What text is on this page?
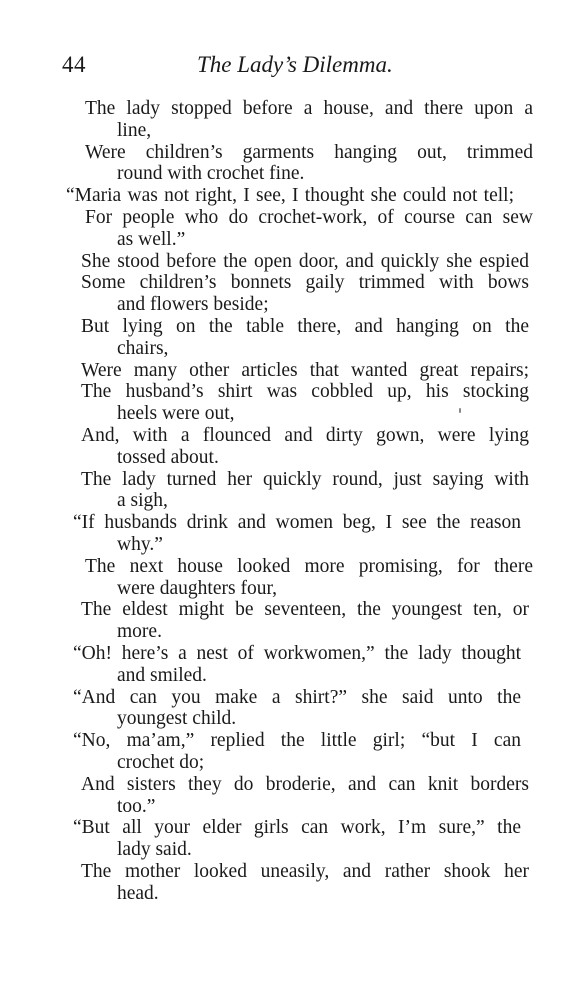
44	The Lady’s Dilemma.
The lady stopped before a house, and there upon a
line,
Were children’s garments hanging out, trimmed
round with crochet fine.
“Maria was not right, I see, I thought she could not tell;
For people who do crochet-work, of course can sew
as well.”
She stood before the open door, and quickly she espied
Some children’s bonnets gaily trimmed with bows
and flowers beside;
But lying on the table there, and hanging on the
chairs,
Were many other articles that wanted great repairs;
The husband’s shirt was cobbled up, his stocking
heels were out,
And, with a flounced and dirty gown, were lying
tossed about.
The lady turned her quickly round, just saying with
a sigh,
“If husbands drink and women beg, I see the reason
why.”
The next house looked more promising, for there
were daughters four,
The eldest might be seventeen, the youngest ten, or
more.
“Oh! here’s a nest of workwomen,” the lady thought
and smiled.
“And can you make a shirt?” she said unto the
youngest child.
“No, ma’am,” replied the little girl; “but I can
crochet do;
And sisters they do broderie, and can knit borders
too.”
“But all your elder girls can work, I’m sure,” the
lady said.
The mother looked uneasily, and rather shook her
head.
